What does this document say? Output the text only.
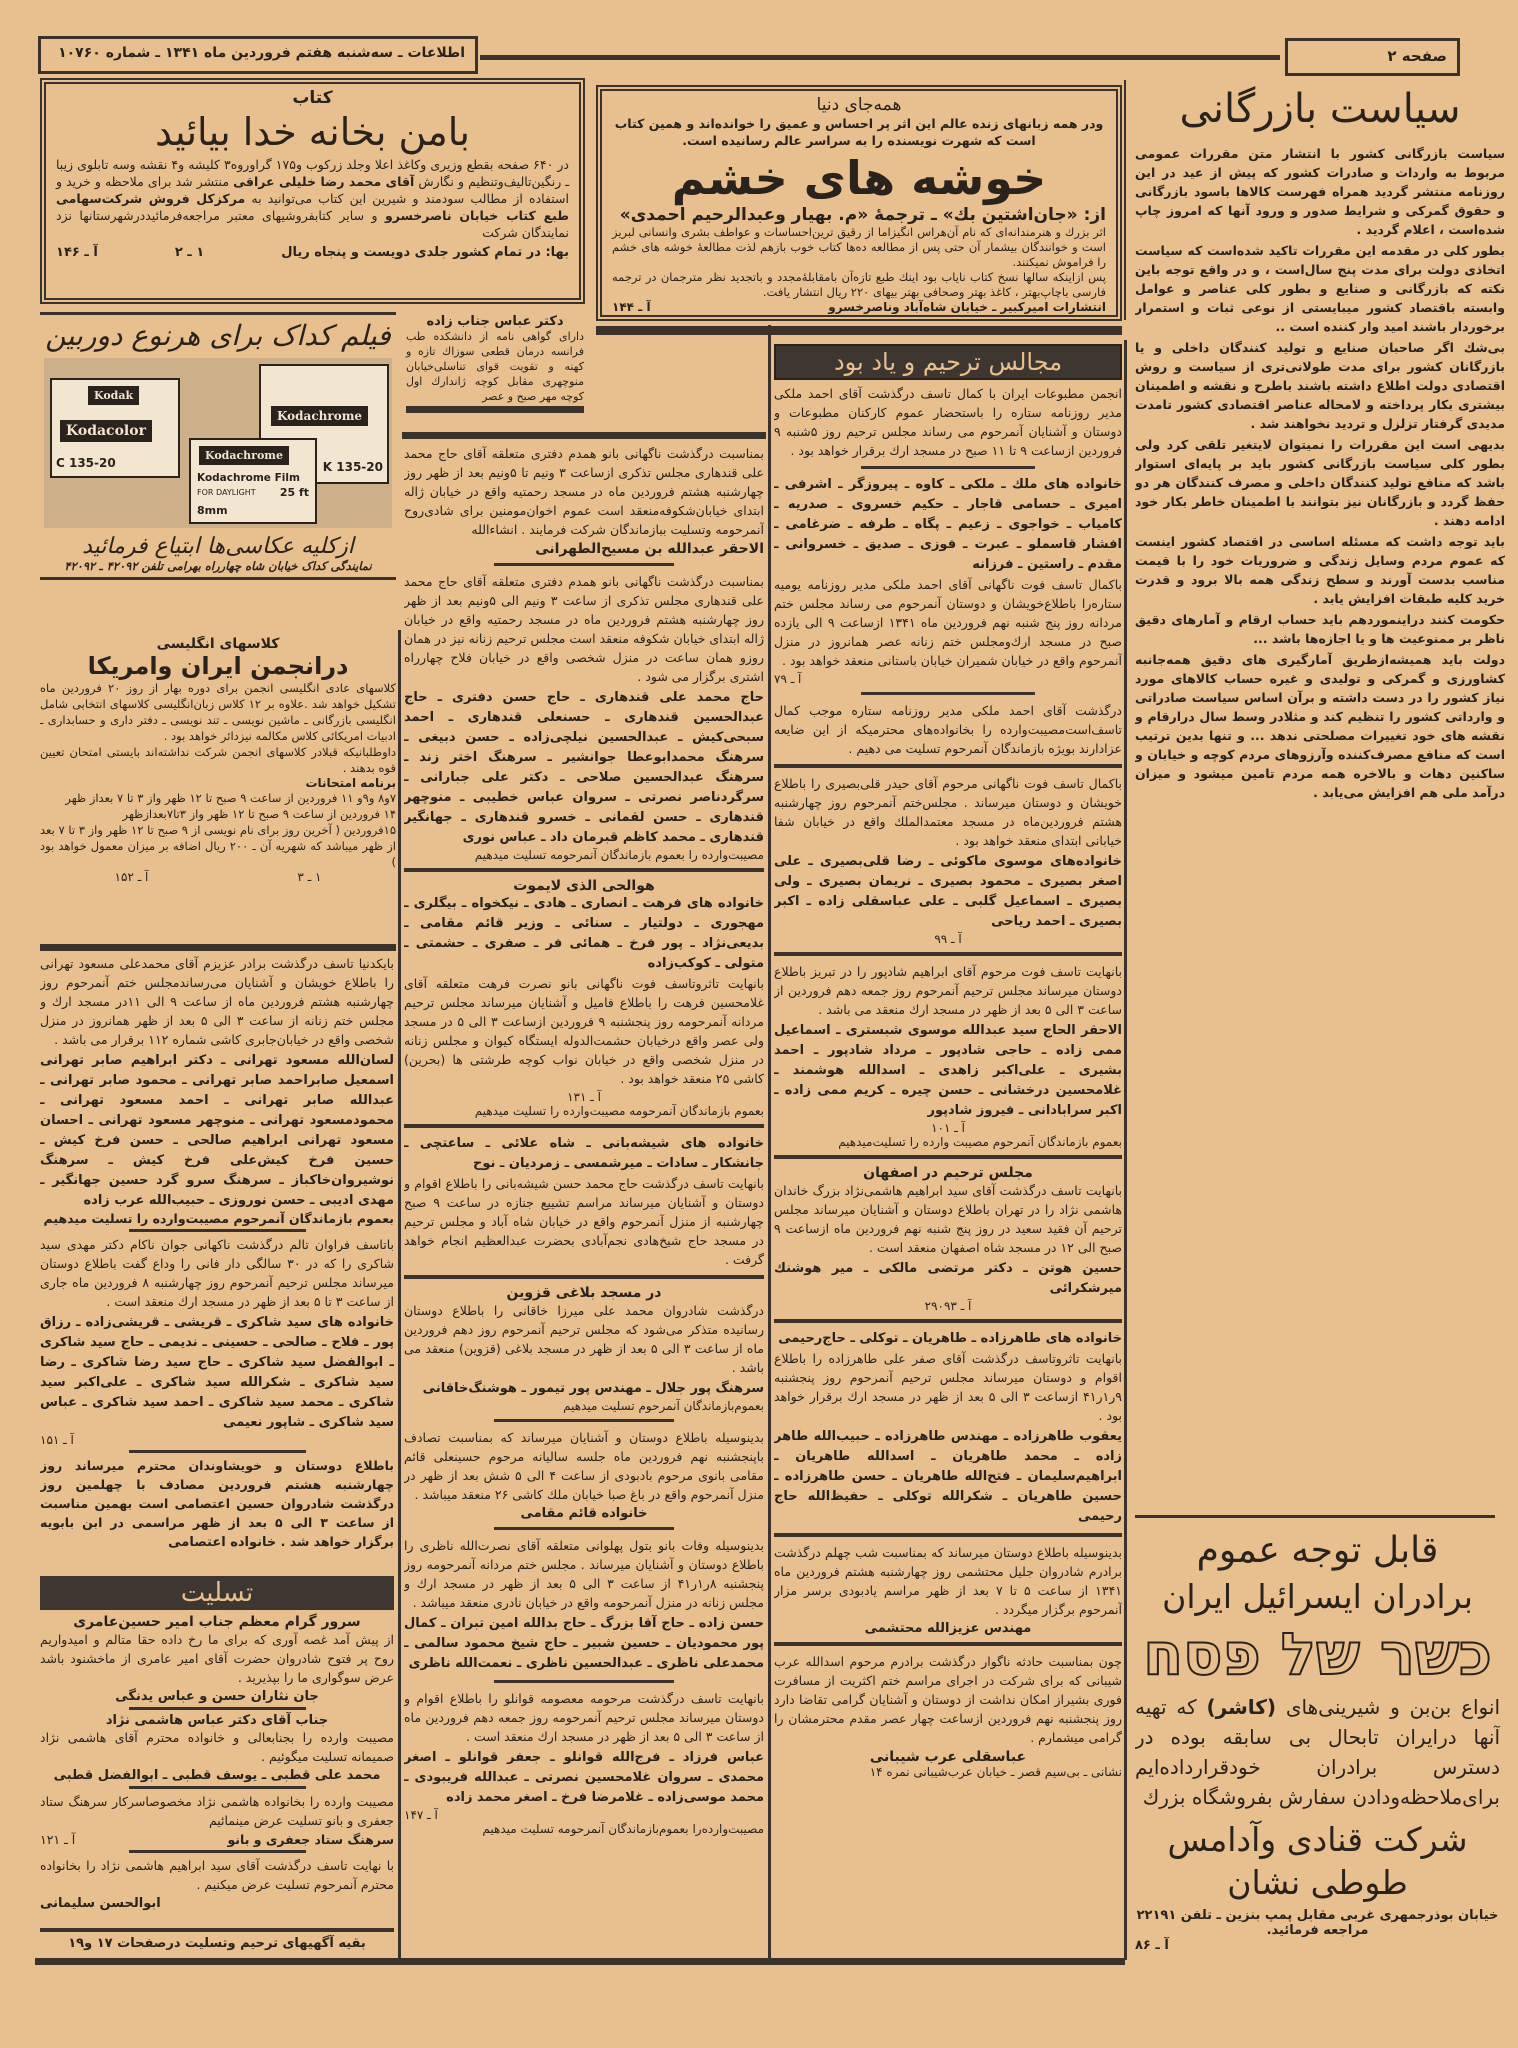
اطلاعات ـ سه‌شنبه هفتم فروردین ماه ۱۳۴۱ ـ شماره ۱۰۷۶۰	صفحه ۲
سیاست بازرگانی

سیاست بازرگانی کشور با انتشار متن مقررات عمومی مربوط به واردات و صادرات کشور که پیش از عید در این روزنامه منتشر گردید همراه فهرست کالاها باسود بازرگانی و حقوق گمرکی و شرایط صدور و ورود آنها که امروز چاپ شده‌است ، اعلام گردید .

بطور کلی در مقدمه این مقررات تاکید شده‌است که سیاست اتخاذی دولت برای مدت پنج سال‌است ، و در واقع توجه باین نکته که بازرگانی و صنایع و بطور کلی عناصر و عوامل وابسته باقتصاد کشور میبایستی از نوعی ثبات و استمرار برخوردار باشند امید وار کننده است ..

بی‌شك اگر صاحبان صنایع و تولید کنندگان داخلی و یا بازرگانان کشور برای مدت طولانی‌تری از سیاست و روش اقتصادی دولت اطلاع داشته باشند باطرح و نقشه و اطمینان بیشتری بکار پرداخته و لامحاله عناصر اقتصادی کشور تامدت مدیدی گرفتار تزلزل و تردید نخواهند شد .

بدیهی است این مقررات را نمیتوان لایتغیر تلقی کرد ولی بطور کلی سیاست بازرگانی کشور باید بر پایه‌ای استوار باشد که منافع تولید کنندگان داخلی و مصرف کنندگان هر دو حفظ گردد و بازرگانان نیز بتوانند با اطمینان خاطر بکار خود ادامه دهند .

باید توجه داشت که مسئله اساسی در اقتصاد کشور اینست که عموم مردم وسایل زندگی و ضروریات خود را با قیمت مناسب بدست آورند و سطح زندگی همه بالا برود و قدرت خرید کلیه طبقات افزایش یابد .

حکومت کنند دراینموردهم باید حساب ارقام و آمارهای دقیق ناظر بر ممنوعیت ها و یا اجازه‌ها باشد ...

دولت باید همیشه‌ازطریق آمارگیری های دقیق همه‌جانبه کشاورزی و گمرکی و تولیدی و غیره حساب کالاهای مورد نیاز کشور را در دست داشته و برآن اساس سیاست صادراتی و وارداتی کشور را تنظیم کند و مثلادر وسط سال درارقام و نقشه های خود تغییرات مصلحتی ندهد ... و تنها بدین ترتیب است که منافع مصرف‌کننده وآرزوهای مردم کوچه و خیابان و ساکنین دهات و بالاخره همه مردم تامین میشود و میزان درآمد ملی هم افزایش می‌یابد .

قابل توجه عموم
برادران ایسرائیل ایران
כשר של פסח
انواع بن‌بن و شیرینی‌های (کاشر) که تهیه آنها درایران تابحال بی سابقه بوده در دسترس برادران خودقرارداده‌ایم برای‌ملاحظه‌ودادن سفارش بفروشگاه بزرك
شرکت قنادی وآدامس
طوطی نشان
خیابان بوذرجمهری غربی مقابل پمپ بنزین ـ تلفن ۲۲۱۹۱ مراجعه فرمائید.
آ ـ ۸۶
همه‌جای دنیا

ودر همه زبانهای زنده عالم این اثر پر احساس و عمیق را خوانده‌اند و همین کتاب است که شهرت نویسنده را به سراسر عالم رسانیده است.

خوشه های خشم
از: «جان‌اشتین بك» ـ ترجمهٔ «م. بهیار وعبدالرحیم احمدی»

اثر بزرك و هنرمندانه‌ای که نام آن‌هراس انگیزاما از رقیق ترین‌احساسات و عواطف بشری وانسانی لبریز است و خوانندگان بیشمار آن حتی پس از مطالعه ده‌ها کتاب خوب بازهم لذت مطالعهٔ خوشه های خشم را فراموش نمیکنند.

پس ازاینکه سالها نسخ کتاب نایاب بود اینك طبع تازه‌آن بامقابلهٔ‌مجدد و باتجدید نظر مترجمان در ترجمه فارسی باچاپ‌بهتر ، کاغذ بهتر وصحافی بهتر بیهای ۲۲۰ ریال انتشار یافت.

انتشارات امیرکبیر ـ خیابان شاه‌آباد وناصرخسرو
آ ـ ۱۴۴
کتاب
بامن بخانه خدا بیائید

در ۶۴۰ صفحه بقطع وزیری وکاغذ اعلا وجلد زرکوب و۱۷۵ گراوروه۳ کلیشه و۴ نقشه وسه تابلوی زیبا ـ رنگین‌تالیف‌وتنظیم و نگارش آقای محمد رضا خلیلی عراقی منتشر شد برای ملاحظه و خرید و استفاده از مطالب سودمند و شیرین این کتاب می‌توانید به مرکزکل فروش شرکت‌سهامی طبع کتاب خیابان ناصرخسرو و سایر کتابفروشیهای معتبر مراجعه‌فرمائیددرشهرستانها نزد نمایندگان شرکت

بها: در تمام کشور جلدی دویست و پنجاه ریال
۱ ـ ۲
آ ـ ۱۴۶
دکتر عباس جناب زاده

دارای گواهی نامه از دانشکده طب فرانسه درمان قطعی سوزاك تازه و کهنه و تقویت قوای تناسلی‌خیابان منوچهری مقابل کوچه ژاندارك اول کوچه مهر صبح و عصر

فیلم کداک برای هرنوع دوربین
Kodak
Kodacolor
C 135-20
Kodachrome
K 135-20
Kodachrome
Kodachrome Film
FOR DAYLIGHT 25 ft
8mm
ازکلیه عکاسی‌ها ابتیاع فرمائید
نمایندگی کداک خیابان شاه چهارراه بهرامی تلفن ۴۲۰۹۲ ـ ۴۲۰۹۲
کلاسهای انگلیسی
درانجمن ایران وامریکا

کلاسهای عادی انگلیسی انجمن برای دوره بهار از روز ۲۰ فروردین ماه تشکیل خواهد شد .علاوه بر ۱۲ کلاس زبان‌انگلیسی کلاسهای انتخابی شامل انگلیسی بازرگانی ـ ماشین نویسی ـ تند نویسی ـ دفتر داری و حسابداری ـ ادبیات امریکائی کلاس مکالمه نیزدائر خواهد بود .

داوطلبانیکه قبلادر کلاسهای انجمن شرکت نداشته‌اند بایستی امتحان تعیین قوه بدهند .

برنامه امتحانات

۷و۸ و۹و ۱۱ فروردین از ساعت ۹ صبح تا ۱۲ ظهر واز ۳ تا ۷ بعداز ظهر

۱۴ فروردین از ساعت ۹ صبح تا ۱۲ ظهر واز ۳تا۷بعدازظهر

۱۵فروردین ( آخرین روز برای نام نویسی از ۹ صبح تا ۱۲ ظهر واز ۳ تا ۷ بعد از ظهر میباشد که شهریه آن ـ ۲۰۰ ریال اضافه بر میزان معمول خواهد بود )

۱ ـ ۳
آ ـ ۱۵۲

بایکدنیا تاسف درگذشت برادر عزیزم آقای محمدعلی مسعود تهرانی را باطلاع خویشان و آشنایان می‌رساندمجلس ختم آنمرحوم روز چهارشنبه هشتم فروردین ماه از ساعت ۹ الی ۱۱در مسجد ارك و مجلس ختم زنانه از ساعت ۳ الی ۵ بعد از ظهر همانروز در منزل شخصی واقع در خیابان‌جابری کاشی شماره ۱۱۲ برقرار می باشد .

لسان‌الله مسعود تهرانی ـ دکتر ابراهیم صابر تهرانی اسمعیل صابر‌احمد صابر تهرانی ـ محمود صابر تهرانی ـ عبدالله صابر تهرانی ـ احمد مسعود تهرانی ـ محمودمسعود تهرانی ـ منوچهر مسعود تهرانی ـ احسان مسعود تهرانی ابراهیم صالحی ـ حسن فرخ کیش ـ حسین فرخ کیش‌علی فرخ کیش ـ سرهنگ نوشیروان‌خاکباز ـ سرهنگ سرو گرد حسین جهانگیر ـ مهدی ادیبی ـ حسن نوروزی ـ حبیب‌الله عرب زاده
بعموم بازماندگان آنمرحوم مصیبت‌وارده را تسلیت میدهیم

باتاسف فراوان تالم درگذشت ناکهانی جوان ناکام دکتر مهدی سید شاکری را که در ۳۰ سالگی دار فانی را وداع گفت باطلاع دوستان میرساند مجلس ترحیم آنمرحوم روز چهارشنبه ۸ فروردین ماه جاری از ساعت ۳ تا ۵ بعد از ظهر در مسجد ارك منعقد است .

خانواده های سید شاکری ـ قریشی ـ قریشی‌زاده ـ رزاق پور ـ فلاح ـ صالحی ـ حسینی ـ ندیمی ـ حاج سید شاکری ـ ابوالفضل سید شاکری ـ حاج سید رضا شاکری ـ رضا سید شاکری ـ شکرالله سید شاکری ـ علی‌اکبر سید شاکری ـ محمد سید شاکری ـ احمد سید شاکری ـ عباس سید شاکری ـ شاپور نعیمی
آ ـ ۱۵۱

باطلاع دوستان و خویشاوندان محترم میرساند روز چهارشنبه هشتم فروردین مصادف با چهلمین روز درگذشت شادروان حسین اعتصامی است بهمین مناسبت از ساعت ۳ الی ۵ بعد از ظهر مراسمی در ابن بابویه برگزار خواهد شد . خانواده اعتصامی

تسلیت
سرور گرام معظم جناب امیر حسین‌عامری

از پیش آمد غصه آوری که برای ما رخ داده حقا متالم و امیدواریم روح پر فتوح شادروان حضرت آقای امیر عامری از ماخشنود باشد عرض سوگواری ما را بپذیرید .

جان نثاران حسن و عباس یدنگی
جناب آقای دکتر عباس هاشمی نژاد

مصیبت وارده را بجنابعالی و خانواده محترم آقای هاشمی نژاد صمیمانه تسلیت میگوئیم .

محمد علی قطبی ـ یوسف قطبی ـ ابوالفضل قطبی

مصیبت وارده را بخانواده هاشمی نژاد مخصوصاسرکار سرهنگ ستاد جعفری و بانو تسلیت عرض مینمائیم

سرهنگ ستاد جعفری و بانو
آ ـ ۱۲۱

با نهایت تاسف درگذشت آقای سید ابراهیم هاشمی نژاد را بخانواده محترم آنمرحوم تسلیت عرض میکنیم .

ابوالحسن سلیمانی
بقیه آگهیهای ترحیم وتسلیت درصفحات ۱۷ و۱۹

بمناسبت درگذشت ناگهانی بانو همدم دفتری متعلقه آقای حاج محمد علی قندهاری مجلس تذکری ازساعت ۳ ونیم تا ۵ونیم بعد از ظهر روز چهارشنبه هشتم فروردین ماه در مسجد رحمتیه واقع در خیابان ژاله ابتدای خیابان‌شکوفه‌منعقد است عموم اخوان‌مومنین برای شادی‌روح آنمرحومه وتسلیت ببازماندگان شرکت فرمایند . انشاءالله

الاحقر عبدالله بن مسیح‌الطهرانی

بمناسبت درگذشت ناگهانی بانو همدم دفتری متعلقه آقای حاج محمد علی قندهاری مجلس تذکری از ساعت ۳ ونیم الی ۵ونیم بعد از ظهر روز چهارشنبه هشتم فروردین ماه در مسجد رحمتیه واقع در خیابان ژاله ابتدای خیابان شکوفه منعقد است مجلس ترحیم زنانه نیز در همان روزو همان ساعت در منزل شخصی واقع در خیابان فلاح چهارراه اشتری برگزار می شود .

حاج محمد علی قندهاری ـ حاج حسن دفتری ـ حاج عبدالحسین قندهاری ـ حسنعلی قندهاری ـ احمد سبحی‌کیش ـ عبدالحسین نیلچی‌زاده ـ حسن دبیغی ـ سرهنگ محمدابوعطا جوانشیر ـ سرهنگ اختر زند ـ سرهنگ عبدالحسین صلاحی ـ دکتر علی جبارانی ـ سرگردناصر نصرتی ـ سروان عباس خطیبی ـ منوچهر قندهاری ـ حسن لقمانی ـ خسرو قندهاری ـ جهانگیر قندهاری ـ محمد کاظم قبرمان داد ـ عباس نوری
مصیبت‌وارده را بعموم بازماندگان آنمرحومه تسلیت میدهیم
هوالحی الذی لایموت
خانواده های فرهت ـ انصاری ـ هادی ـ نیکخواه ـ بیگلری ـ مهجوری ـ دولتیار ـ سنائی ـ وزیر قائم مقامی ـ بدیعی‌نژاد ـ پور فرخ ـ همائی فر ـ صفری ـ حشمتی ـ متولی ـ کوکب‌زاده

بانهایت تاثروتاسف فوت ناگهانی بانو نصرت فرهت متعلقه آقای غلامحسین فرهت را باطلاع فامیل و آشنایان میرساند مجلس ترحیم مردانه آنمرحومه روز پنجشنبه ۹ فروردین ازساعت ۳ الی ۵ در مسجد ولی عصر واقع درخیابان حشمت‌الدوله ایستگاه کیوان و مجلس زنانه در منزل شخصی واقع در خیابان نواب کوچه طرشتی ها (بحرین) کاشی ۲۵ منعقد خواهد بود .

آ ـ ۱۳۱
بعموم بازماندگان آنمرحومه مصیبت‌وارده را تسلیت میدهیم
خانواده های شیشه‌بانی ـ شاه علائی ـ ساعتچی ـ جانشکار ـ سادات ـ میرشمسی ـ زمردیان ـ نوح

بانهایت تاسف درگذشت حاج محمد حسن شیشه‌بانی را باطلاع اقوام و دوستان و آشنایان میرساند مراسم تشییع جنازه در ساعت ۹ صبح چهارشنبه از منزل آنمرحوم واقع در خیابان شاه آباد و مجلس ترحیم در مسجد حاج شیخ‌هادی نجم‌آبادی بحضرت عبدالعظیم انجام خواهد گرفت .

در مسجد بلاغی قزوین

درگذشت شادروان محمد علی میرزا خاقانی را باطلاع دوستان رسانیده متذکر می‌شود که مجلس ترحیم آنمرحوم روز دهم فروردین ماه از ساعت ۳ الی ۵ بعد از ظهر در مسجد بلاغی (قزوین) منعقد می باشد .

سرهنگ پور جلال ـ مهندس پور تیمور ـ هوشنگ‌خاقانی
بعموم‌بازماندگان آنمرحوم تسلیت میدهیم

بدینوسیله باطلاع دوستان و آشنایان میرساند که بمناسبت تصادف باپنجشنبه نهم فروردین ماه جلسه سالیانه مرحوم حسینعلی قائم مقامی بانوی مرحوم بادبودی از ساعت ۴ الی ۵ شش بعد از ظهر در منزل آنمرحوم واقع در باغ صبا خیابان ملك کاشی ۲۶ منعقد میباشد .

خانواده قائم مقامی

بدینوسیله وفات بانو بتول پهلوانی متعلقه آقای نصرت‌الله ناظری را باطلاع دوستان و آشنایان میرساند . مجلس ختم مردانه آنمرحومه روز پنجشنبه ۸ر۱ر۴۱ از ساعت ۳ الی ۵ بعد از ظهر در مسجد ارك و مجلس زنانه در منزل آنمرحومه واقع در خیابان نادری منعقد میباشد .

حسن زاده ـ حاج آقا بزرگ ـ حاج بدالله امین تبران ـ کمال پور محمودیان ـ حسین شبیر ـ حاج شیخ محمود سالمی ـ محمدعلی ناظری ـ عبدالحسین ناظری ـ نعمت‌الله ناظری

بانهایت تاسف درگذشت مرحومه معصومه قوانلو را باطلاع اقوام و دوستان میرساند مجلس ترحیم آنمرحومه روز جمعه دهم فروردین ماه از ساعت ۳ الی ۵ بعد از ظهر در مسجد ارك منعقد است .

عباس فرزاد ـ فرج‌الله قوانلو ـ جعفر قوانلو ـ اصغر محمدی ـ سروان غلامحسین نصرتی ـ عبدالله فریبودی ـ محمد موسی‌زاده ـ غلامرضا فرخ ـ اصغر محمد زاده
آ ـ ۱۴۷
مصیبت‌وارده‌را بعموم‌بازماندگان آنمرحومه تسلیت میدهیم
مجالس ترحیم و یاد بود

انجمن مطبوعات ایران با کمال تاسف درگذشت آقای احمد ملکی مدیر روزنامه ستاره را باستحضار عموم کارکنان مطبوعات و دوستان و آشنایان آنمرحوم می رساند مجلس ترحیم روز ۵شنبه ۹ فروردین ازساعت ۹ تا ۱۱ صبح در مسجد ارك برقرار خواهد بود .

خانواده های ملك ـ ملکی ـ کاوه ـ پیروزگر ـ اشرفی ـ امیری ـ حسامی قاجار ـ حکیم خسروی ـ صدریه ـ کامیاب ـ خواجوی ـ زعیم ـ پگاه ـ طرفه ـ ضرغامی ـ افشار قاسملو ـ عبرت ـ فوزی ـ صدیق ـ خسروانی ـ مقدم ـ راستین ـ فرزانه

باکمال تاسف فوت ناگهانی آقای احمد ملکی مدیر روزنامه یومیه ستاره‌را باطلاع‌خویشان و دوستان آنمرحوم می رساند مجلس ختم مردانه روز پنج شنبه نهم فروردین ماه ۱۳۴۱ ازساعت ۹ الی یازده صبح در مسجد ارك‌ومجلس ختم زنانه عصر همانروز در منزل آنمرحوم واقع در خیابان شمیران خیابان باستانی منعقد خواهد بود .

آ ـ ۷۹

درگذشت آقای احمد ملکی مدیر روزنامه ستاره موجب کمال تاسف‌است‌مصیبت‌وارده را بخانواده‌های محترمیکه از این ضایعه عزادارند بویژه بازماندگان آنمرحوم تسلیت می دهیم .

باکمال تاسف فوت ناگهانی مرحوم آقای حیدر قلی‌بصیری را باطلاع خویشان و دوستان میرساند . مجلس‌ختم آنمرحوم روز چهارشنبه هشتم فروردین‌ماه در مسجد معتمدالملك واقع در خیابان شفا خیابانی ابتدای منعقد خواهد بود .

خانواده‌های موسوی ماکوئی ـ رضا قلی‌بصیری ـ علی اصغر بصیری ـ محمود بصیری ـ نریمان بصیری ـ ولی بصیری ـ اسماعیل گلبی ـ علی عباسقلی زاده ـ اکبر بصیری ـ احمد ریاحی
آ ـ ۹۹

بانهایت تاسف فوت مرحوم آقای ابراهیم شادپور را در تبریز باطلاع دوستان میرساند مجلس ترحیم آنمرحوم روز جمعه دهم فروردین از ساعت ۳ الی ۵ بعد از ظهر در مسجد ارك منعقد می باشد .

الاحقر الحاج سید عبدالله موسوی شبستری ـ اسماعیل ممی زاده ـ حاجی شادپور ـ مرداد شادپور ـ احمد بشیری ـ علی‌اکبر زاهدی ـ اسدالله هوشمند ـ غلامحسین درخشانی ـ حسن چیره ـ کریم ممی زاده ـ اکبر سرابادانی ـ فیروز شادپور
آ ـ ۱۰۱
بعموم بازماندگان آنمرحوم مصیبت وارده را تسلیت‌میدهیم
مجلس ترحیم در اصفهان

بانهایت تاسف درگذشت آقای سید ابراهیم هاشمی‌نژاد بزرگ خاندان هاشمی نژاد را در تهران باطلاع دوستان و آشنایان میرساند مجلس ترحیم آن فقید سعید در روز پنج شنبه نهم فروردین ماه ازساعت ۹ صبح الی ۱۲ در مسجد شاه اصفهان منعقد است .

حسین هوتن ـ دکتر مرتضی مالکی ـ میر هوشنك میرشکرائی
آ ـ ۲۹۰۹۳
خانواده های طاهرزاده ـ طاهریان ـ توکلی ـ حاج‌رحیمی

بانهایت تاثروتاسف درگذشت آقای صفر علی طاهرزاده را باطلاع اقوام و دوستان میرساند مجلس ترحیم آنمرحوم روز پنجشنبه ۹ر۱ر۴۱ ازساعت ۳ الی ۵ بعد از ظهر در مسجد ارك برقرار خواهد بود .

یعقوب طاهرزاده ـ مهندس طاهرزاده ـ حبیب‌الله طاهر زاده ـ محمد طاهریان ـ اسدالله طاهریان ـ ابراهیم‌سلیمان ـ فتح‌الله طاهریان ـ حسن طاهرزاده ـ حسین طاهریان ـ شکرالله توکلی ـ حفیظ‌الله حاج رحیمی

بدینوسیله باطلاع دوستان میرساند که بمناسبت شب چهلم درگذشت برادرم شادروان جلیل محتشمی روز چهارشنبه هشتم فروردین ماه ۱۳۴۱ از ساعت ۵ تا ۷ بعد از ظهر مراسم یادبودی برسر مزار آنمرحوم برگزار میگردد .

مهندس عزیزالله محتشمی

چون بمناسبت حادثه ناگوار درگذشت برادرم مرحوم اسدالله عرب شیبانی که برای شرکت در اجرای مراسم ختم اکثریت از مسافرت فوری بشیراز امکان نداشت از دوستان و آشنایان گرامی تقاضا دارد روز پنجشنبه نهم فروردین ازساعت چهار عصر مقدم محترمشان را گرامی میشمارم .

عباسقلی عرب شیبانی
نشانی ـ بی‌سیم قصر ـ خیابان عرب‌شیبانی نمره ۱۴
